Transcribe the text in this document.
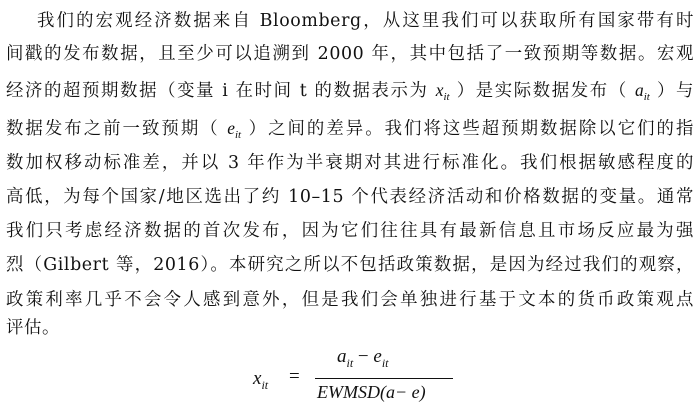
我们的宏观经济数据来自 Bloomberg，从这里我们可以获取所有国家带有时
间戳的发布数据，且至少可以追溯到 2000 年，其中包括了一致预期等数据。宏观
经济的超预期数据（变量 i 在时间 t 的数据表示为 $x_{it}$ ）是实际数据发布（ $a_{it}$ ）与
数据发布之前一致预期（ $e_{it}$ ）之间的差异。我们将这些超预期数据除以它们的指
数加权移动标准差，并以 3 年作为半衰期对其进行标准化。我们根据敏感程度的
高低，为每个国家/地区选出了约 10–15 个代表经济活动和价格数据的变量。通常
我们只考虑经济数据的首次发布，因为它们往往具有最新信息且市场反应最为强
烈（Gilbert 等，2016）。本研究之所以不包括政策数据，是因为经过我们的观察，
政策利率几乎不会令人感到意外，但是我们会单独进行基于文本的货币政策观点
评估。
$x_{it}$ =
$a_{it} - e_{it}$
EWMSD(a− e)
